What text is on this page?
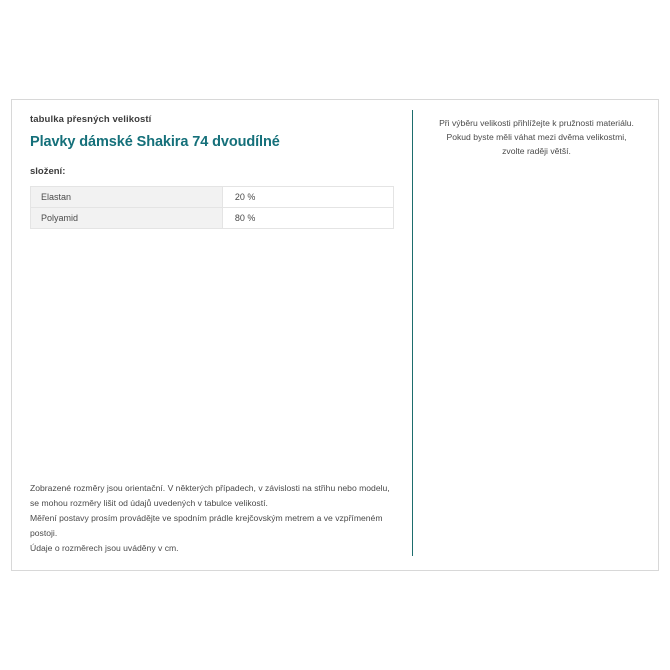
tabulka přesných velikostí
Plavky dámské Shakira 74 dvoudílné
složení:
Elastan	20 %
Polyamid	80 %

Zobrazené rozměry jsou orientační. V některých případech, v závislosti na střihu nebo modelu,

se mohou rozměry lišit od údajů uvedených v tabulce velikostí.

Měření postavy prosím provádějte ve spodním prádle krejčovským metrem a ve vzpřímeném postoji.

Údaje o rozměrech jsou uváděny v cm.

Při výběru velikosti přihlížejte k pružnosti materiálu.

Pokud byste měli váhat mezi dvěma velikostmi,

zvolte raději větší.
